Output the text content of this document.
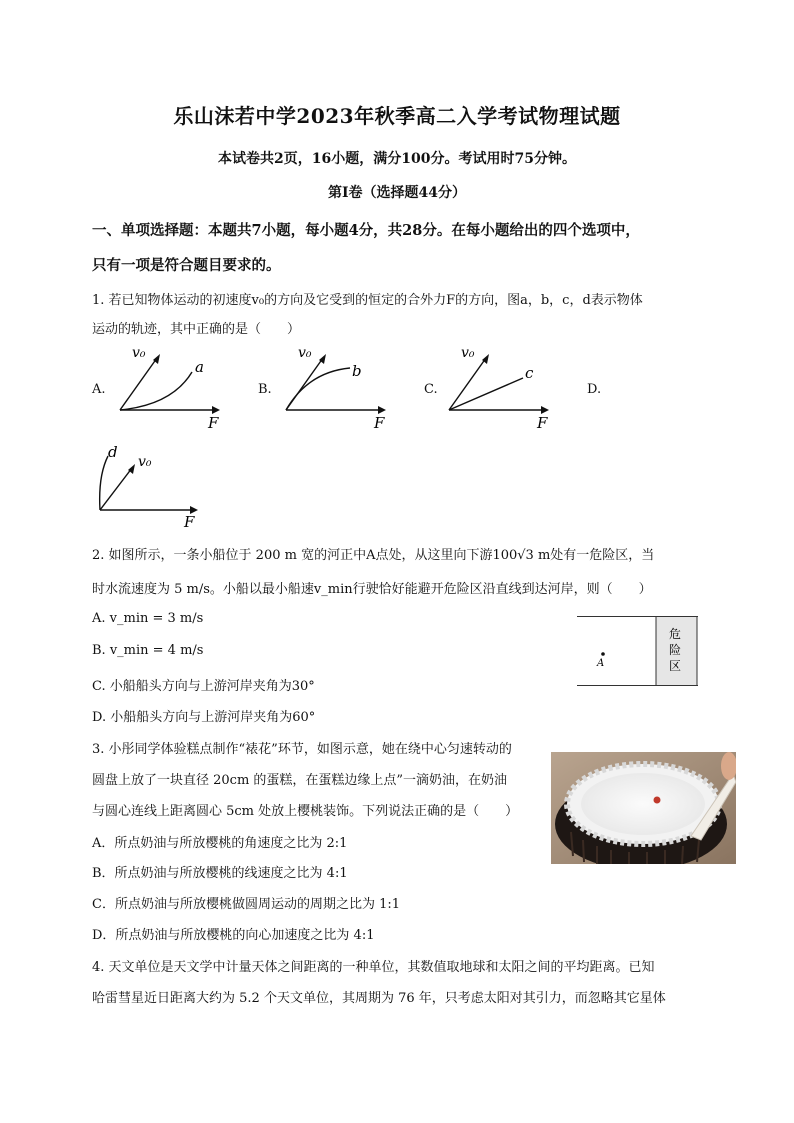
乐山沫若中学2023年秋季高二入学考试物理试题
本试卷共2页，16小题，满分100分。考试用时75分钟。
第Ⅰ卷（选择题44分）
一、单项选择题：本题共7小题，每小题4分，共28分。在每小题给出的四个选项中，
只有一项是符合题目要求的。
1. 若已知物体运动的初速度v₀的方向及它受到的恒定的合外力F的方向，图a，b，c，d表示物体
运动的轨迹，其中正确的是（　　）
A.	B.	C.	D.
v₀
a
F
v₀
b
F
v₀
c
F
d
v₀
F
2. 如图所示，一条小船位于 200 m 宽的河正中A点处，从这里向下游100√3 m处有一危险区，当
时水流速度为 5 m/s。小船以最小船速v_min行驶恰好能避开危险区沿直线到达河岸，则（　　）
A. v_min = 3 m/s
B. v_min = 4 m/s
C. 小船船头方向与上游河岸夹角为30°
D. 小船船头方向与上游河岸夹角为60°
A
危
险
区
3. 小彤同学体验糕点制作“裱花”环节，如图示意，她在绕中心匀速转动的
圆盘上放了一块直径 20cm 的蛋糕，在蛋糕边缘上点”一滴奶油，在奶油
与圆心连线上距离圆心 5cm 处放上樱桃装饰。下列说法正确的是（　　）
A．所点奶油与所放樱桃的角速度之比为 2:1
B．所点奶油与所放樱桃的线速度之比为 4:1
C．所点奶油与所放樱桃做圆周运动的周期之比为 1:1
D．所点奶油与所放樱桃的向心加速度之比为 4:1
4. 天文单位是天文学中计量天体之间距离的一种单位，其数值取地球和太阳之间的平均距离。已知
哈雷彗星近日距离大约为 5.2 个天文单位，其周期为 76 年，只考虑太阳对其引力，而忽略其它星体
